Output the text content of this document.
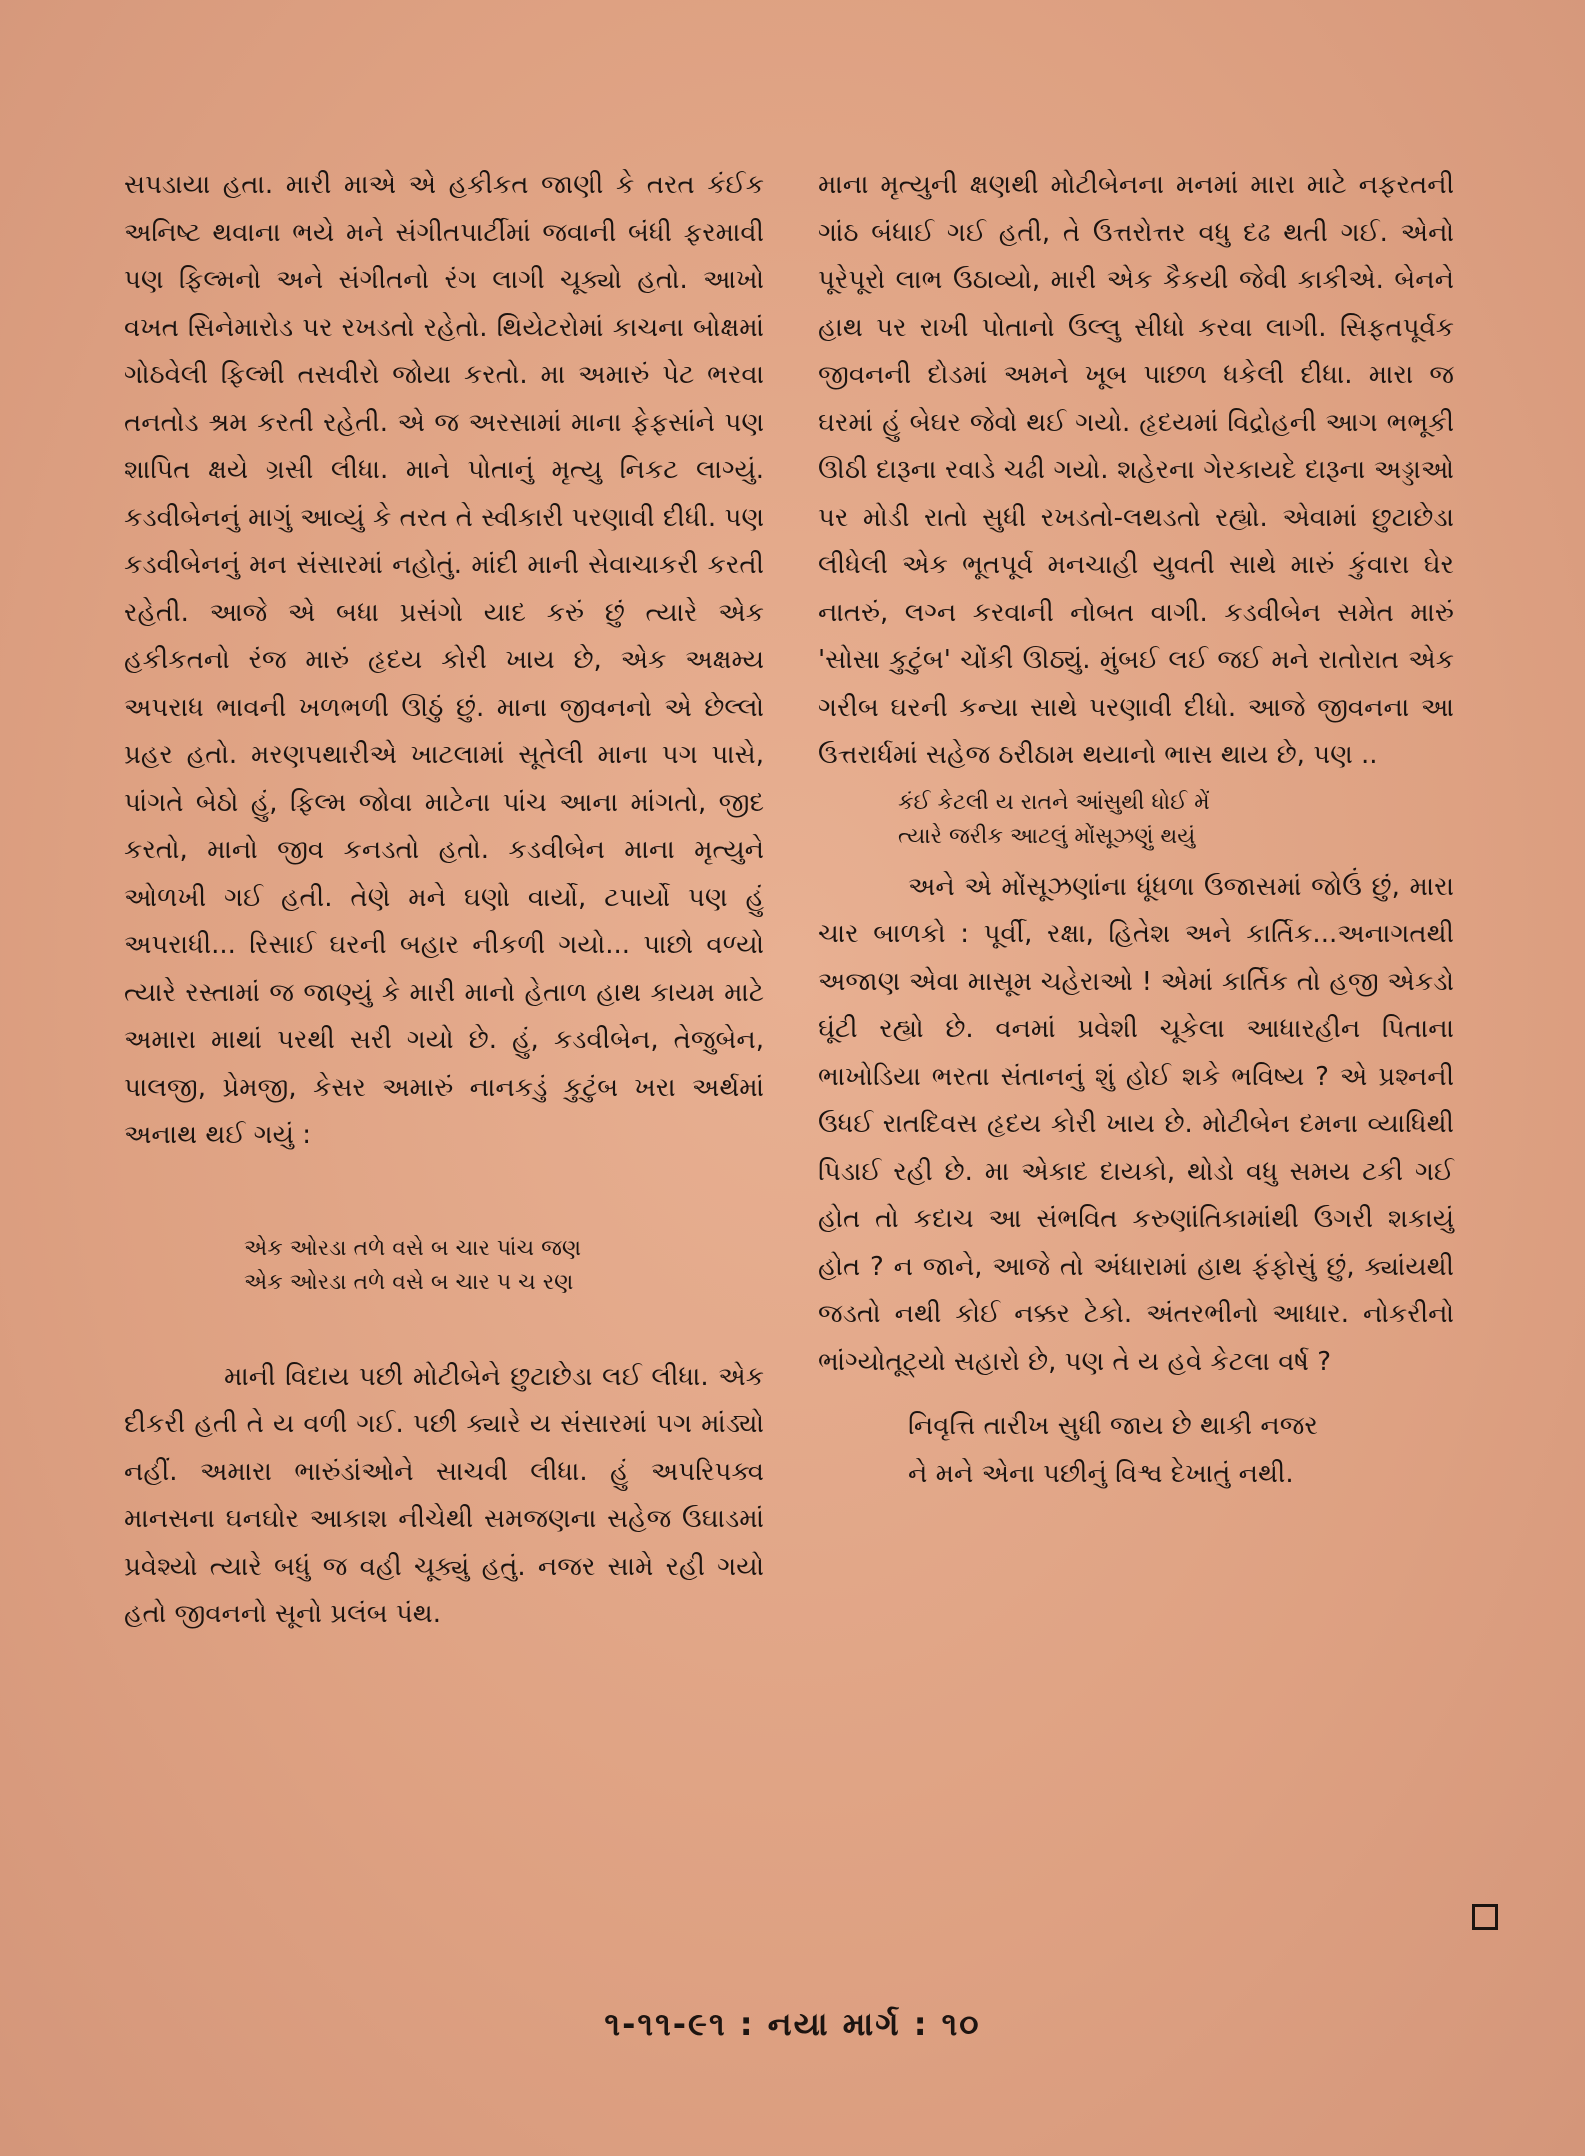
સપડાયા હતા. મારી માએ એ હકીકત જાણી કે તરત કંઈક અનિષ્ટ થવાના ભયે મને સંગીતપાર્ટીમાં જવાની બંધી ફરમાવી પણ ફિલ્મનો અને સંગીતનો રંગ લાગી ચૂક્યો હતો. આખો વખત સિનેમારોડ પર રખડતો રહેતો. થિયેટરોમાં કાચના બોક્ષમાં ગોઠવેલી ફિલ્મી તસવીરો જોયા કરતો. મા અમારું પેટ ભરવા તનતોડ શ્રમ કરતી રહેતી. એ જ અરસામાં માના ફેફસાંને પણ શાપિત ક્ષયે ગ્રસી લીધા. માને પોતાનું મૃત્યુ નિકટ લાગ્યું. કડવીબેનનું માગું આવ્યું કે તરત તે સ્વીકારી પરણાવી દીધી. પણ કડવીબેનનું મન સંસારમાં નહોતું. માંદી માની સેવાચાકરી કરતી રહેતી. આજે એ બધા પ્રસંગો યાદ કરું છું ત્યારે એક હકીકતનો રંજ મારું હૃદય કોરી ખાય છે, એક અક્ષમ્ય અપરાધ ભાવની ખળભળી ઊઠું છું. માના જીવનનો એ છેલ્લો પ્રહર હતો. મરણપથારીએ ખાટલામાં સૂતેલી માના પગ પાસે, પાંગતે બેઠો હું, ફિલ્મ જોવા માટેના પાંચ આના માંગતો, જીદ કરતો, માનો જીવ કનડતો હતો. કડવીબેન માના મૃત્યુને ઓળખી ગઈ હતી. તેણે મને ઘણો વાર્યો, ટપાર્યો પણ હું અપરાધી... રિસાઈ ઘરની બહાર નીકળી ગયો... પાછો વળ્યો ત્યારે રસ્તામાં જ જાણ્યું કે મારી માનો હેતાળ હાથ કાયમ માટે અમારા માથાં પરથી સરી ગયો છે. હું, કડવીબેન, તેજુબેન, પાલજી, પ્રેમજી, કેસર અમારું નાનકડું કુટુંબ ખરા અર્થમાં અનાથ થઈ ગયું :

એક ઓરડા તળે વસે બ ચાર પાંચ જણ
એક ઓરડા તળે વસે બ ચાર પ ચ રણ

માની વિદાય પછી મોટીબેને છુટાછેડા લઈ લીધા. એક દીકરી હતી તે ય વળી ગઈ. પછી ક્યારે ય સંસારમાં પગ માંડ્યો નહીં. અમારા ભારુંડાંઓને સાચવી લીધા. હું અપરિપક્વ માનસના ઘનઘોર આકાશ નીચેથી સમજણના સહેજ ઉઘાડમાં પ્રવેશ્યો ત્યારે બધું જ વહી ચૂક્યું હતું. નજર સામે રહી ગયો હતો જીવનનો સૂનો પ્રલંબ પંથ.

માના મૃત્યુની ક્ષણથી મોટીબેનના મનમાં મારા માટે નફરતની ગાંઠ બંધાઈ ગઈ હતી, તે ઉત્તરોત્તર વધુ દઢ થતી ગઈ. એનો પૂરેપૂરો લાભ ઉઠાવ્યો, મારી એક કૈકયી જેવી કાકીએ. બેનને હાથ પર રાખી પોતાનો ઉલ્લુ સીધો કરવા લાગી. સિફતપૂર્વક જીવનની દોડમાં અમને ખૂબ પાછળ ધકેલી દીધા. મારા જ ઘરમાં હું બેઘર જેવો થઈ ગયો. હૃદયમાં વિદ્રોહની આગ ભભૂકી ઊઠી દારૂના રવાડે ચઢી ગયો. શહેરના ગેરકાયદે દારૂના અડ્ડાઓ પર મોડી રાતો સુધી રખડતો-લથડતો રહ્યો. એવામાં છુટાછેડા લીધેલી એક ભૂતપૂર્વ મનચાહી યુવતી સાથે મારું કુંવારા ઘેર નાતરું, લગ્ન કરવાની નોબત વાગી. કડવીબેન સમેત મારું 'સોસા કુટુંબ' ચોંકી ઊઠ્યું. મુંબઈ લઈ જઈ મને રાતોરાત એક ગરીબ ઘરની કન્યા સાથે પરણાવી દીધો. આજે જીવનના આ ઉત્તરાર્ધમાં સહેજ ઠરીઠામ થયાનો ભાસ થાય છે, પણ ..

કંઈ કેટલી ય રાતને આંસુથી ધોઈ મેં
ત્યારે જરીક આટલું મોંસૂઝણું થયું

અને એ મોંસૂઝણાંના ધૂંધળા ઉજાસમાં જોઉં છું, મારા ચાર બાળકો : પૂર્વી, રક્ષા, હિતેશ અને કાર્તિક...અનાગતથી અજાણ એવા માસૂમ ચહેરાઓ ! એમાં કાર્તિક તો હજી એકડો ઘૂંટી રહ્યો છે. વનમાં પ્રવેશી ચૂકેલા આધારહીન પિતાના ભાખોડિયા ભરતા સંતાનનું શું હોઈ શકે ભવિષ્ય ? એ પ્રશ્નની ઉધઈ રાતદિવસ હૃદય કોરી ખાય છે. મોટીબેન દમના વ્યાધિથી પિડાઈ રહી છે. મા એકાદ દાયકો, થોડો વધુ સમય ટકી ગઈ હોત તો કદાચ આ સંભવિત કરુણાંતિકામાંથી ઉગરી શકાયું હોત ? ન જાને, આજે તો અંધારામાં હાથ ફંફોસું છું, ક્યાંયથી જડતો નથી કોઈ નક્કર ટેકો. અંતરભીનો આધાર. નોકરીનો ભાંગ્યોતૂટ્યો સહારો છે, પણ તે ય હવે કેટલા વર્ષ ?

નિવૃત્તિ તારીખ સુધી જાય છે થાકી નજર
ને મને એના પછીનું વિશ્વ દેખાતું નથી.
૧-૧૧-૯૧ : નયા માર્ગ : ૧૦
